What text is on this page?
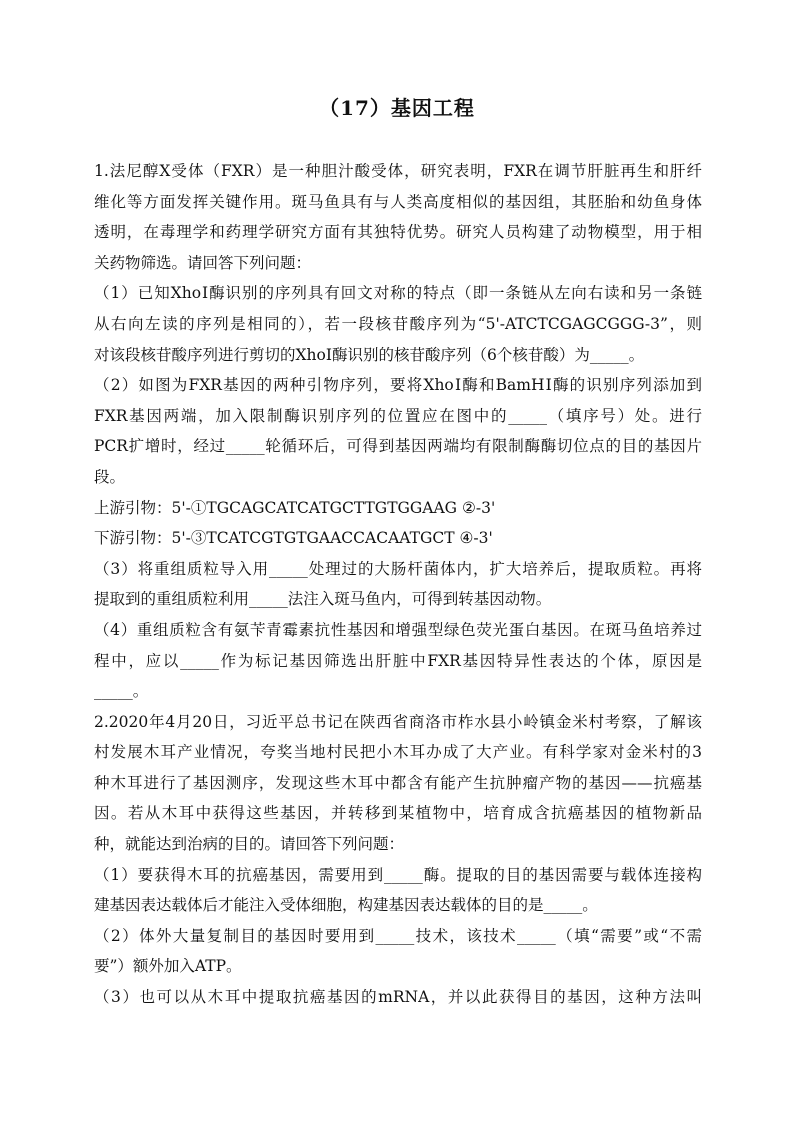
（17）基因工程
1.法尼醇X受体（FXR）是一种胆汁酸受体，研究表明，FXR在调节肝脏再生和肝纤
维化等方面发挥关键作用。斑马鱼具有与人类高度相似的基因组，其胚胎和幼鱼身体
透明，在毒理学和药理学研究方面有其独特优势。研究人员构建了动物模型，用于相
关药物筛选。请回答下列问题：
（1）已知XhoⅠ酶识别的序列具有回文对称的特点（即一条链从左向右读和另一条链
从右向左读的序列是相同的），若一段核苷酸序列为“5'-ATCTCGAGCGGG-3”，则
对该段核苷酸序列进行剪切的XhoⅠ酶识别的核苷酸序列（6个核苷酸）为_____。
（2）如图为FXR基因的两种引物序列，要将XhoⅠ酶和BamHⅠ酶的识别序列添加到
FXR基因两端，加入限制酶识别序列的位置应在图中的_____（填序号）处。进行
PCR扩增时，经过_____轮循环后，可得到基因两端均有限制酶酶切位点的目的基因片
段。
上游引物：5'-①TGCAGCATCATGCTTGTGGAAG ②-3'
下游引物：5'-③TCATCGTGTGAACCACAATGCT ④-3'
（3）将重组质粒导入用_____处理过的大肠杆菌体内，扩大培养后，提取质粒。再将
提取到的重组质粒利用_____法注入斑马鱼内，可得到转基因动物。
（4）重组质粒含有氨苄青霉素抗性基因和增强型绿色荧光蛋白基因。在斑马鱼培养过
程中，应以_____作为标记基因筛选出肝脏中FXR基因特异性表达的个体，原因是
_____。
2.2020年4月20日，习近平总书记在陕西省商洛市柞水县小岭镇金米村考察，了解该
村发展木耳产业情况，夸奖当地村民把小木耳办成了大产业。有科学家对金米村的3
种木耳进行了基因测序，发现这些木耳中都含有能产生抗肿瘤产物的基因——抗癌基
因。若从木耳中获得这些基因，并转移到某植物中，培育成含抗癌基因的植物新品
种，就能达到治病的目的。请回答下列问题：
（1）要获得木耳的抗癌基因，需要用到_____酶。提取的目的基因需要与载体连接构
建基因表达载体后才能注入受体细胞，构建基因表达载体的目的是_____。
（2）体外大量复制目的基因时要用到_____技术，该技术_____（填“需要”或“不需
要”）额外加入ATP。
（3）也可以从木耳中提取抗癌基因的mRNA，并以此获得目的基因，这种方法叫
